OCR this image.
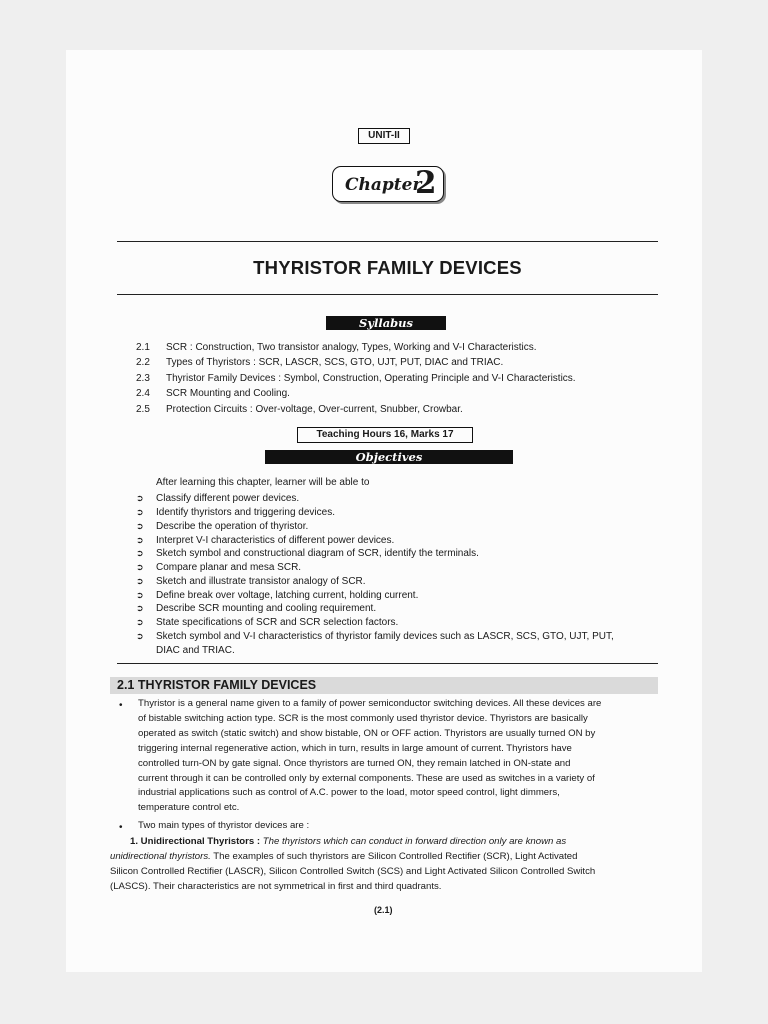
UNIT-II
Chapter
2
THYRISTOR FAMILY DEVICES
Syllabus
2.1 SCR : Construction, Two transistor analogy, Types, Working and V-I Characteristics.
2.2 Types of Thyristors : SCR, LASCR, SCS, GTO, UJT, PUT, DIAC and TRIAC.
2.3 Thyristor Family Devices : Symbol, Construction, Operating Principle and V-I Characteristics.
2.4 SCR Mounting and Cooling.
2.5 Protection Circuits : Over-voltage, Over-current, Snubber, Crowbar.
Teaching Hours 16, Marks 17
Objectives
After learning this chapter, learner will be able to
➲ Classify different power devices.
➲ Identify thyristors and triggering devices.
➲ Describe the operation of thyristor.
➲ Interpret V-I characteristics of different power devices.
➲ Sketch symbol and constructional diagram of SCR, identify the terminals.
➲ Compare planar and mesa SCR.
➲ Sketch and illustrate transistor analogy of SCR.
➲ Define break over voltage, latching current, holding current.
➲ Describe SCR mounting and cooling requirement.
➲ State specifications of SCR and SCR selection factors.
➲ Sketch symbol and V-I characteristics of thyristor family devices such as LASCR, SCS, GTO, UJT, PUT,
DIAC and TRIAC.
2.1 THYRISTOR FAMILY DEVICES
• Thyristor is a general name given to a family of power semiconductor switching devices. All these devices are
of bistable switching action type. SCR is the most commonly used thyristor device. Thyristors are basically
operated as switch (static switch) and show bistable, ON or OFF action. Thyristors are usually turned ON by
triggering internal regenerative action, which in turn, results in large amount of current. Thyristors have
controlled turn-ON by gate signal. Once thyristors are turned ON, they remain latched in ON-state and
current through it can be controlled only by external components. These are used as switches in a variety of
industrial applications such as control of A.C. power to the load, motor speed control, light dimmers,
temperature control etc.
• Two main types of thyristor devices are :
1. Unidirectional Thyristors : The thyristors which can conduct in forward direction only are known as
unidirectional thyristors. The examples of such thyristors are Silicon Controlled Rectifier (SCR), Light Activated
Silicon Controlled Rectifier (LASCR), Silicon Controlled Switch (SCS) and Light Activated Silicon Controlled Switch
(LASCS). Their characteristics are not symmetrical in first and third quadrants.
(2.1)
